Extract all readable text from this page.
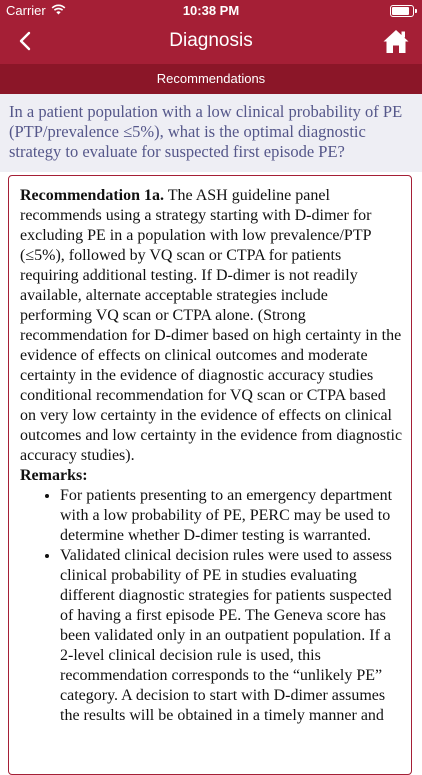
Carrier	10:38 PM
Diagnosis
Recommendations
In a patient population with a low clinical probability of PE (PTP/prevalence ≤5%), what is the optimal diagnostic strategy to evaluate for suspected first episode PE?

Recommendation 1a. The ASH guideline panel recommends using a strategy starting with D-dimer for excluding PE in a population with low prevalence/PTP (≤5%), followed by VQ scan or CTPA for patients requiring additional testing. If D-dimer is not readily available, alternate acceptable strategies include performing VQ scan or CTPA alone. (Strong recommendation for D-dimer based on high certainty in the evidence of effects on clinical outcomes and moderate certainty in the evidence of diagnostic accuracy studies conditional recommendation for VQ scan or CTPA based on very low certainty in the evidence of effects on clinical outcomes and low certainty in the evidence from diagnostic accuracy studies).

Remarks:

• For patients presenting to an emergency department with a low probability of PE, PERC may be used to determine whether D-dimer testing is warranted.
• Validated clinical decision rules were used to assess clinical probability of PE in studies evaluating different diagnostic strategies for patients suspected of having a first episode PE. The Geneva score has been validated only in an outpatient population. If a 2-level clinical decision rule is used, this recommendation corresponds to the “unlikely PE” category. A decision to start with D-dimer assumes the results will be obtained in a timely manner and
